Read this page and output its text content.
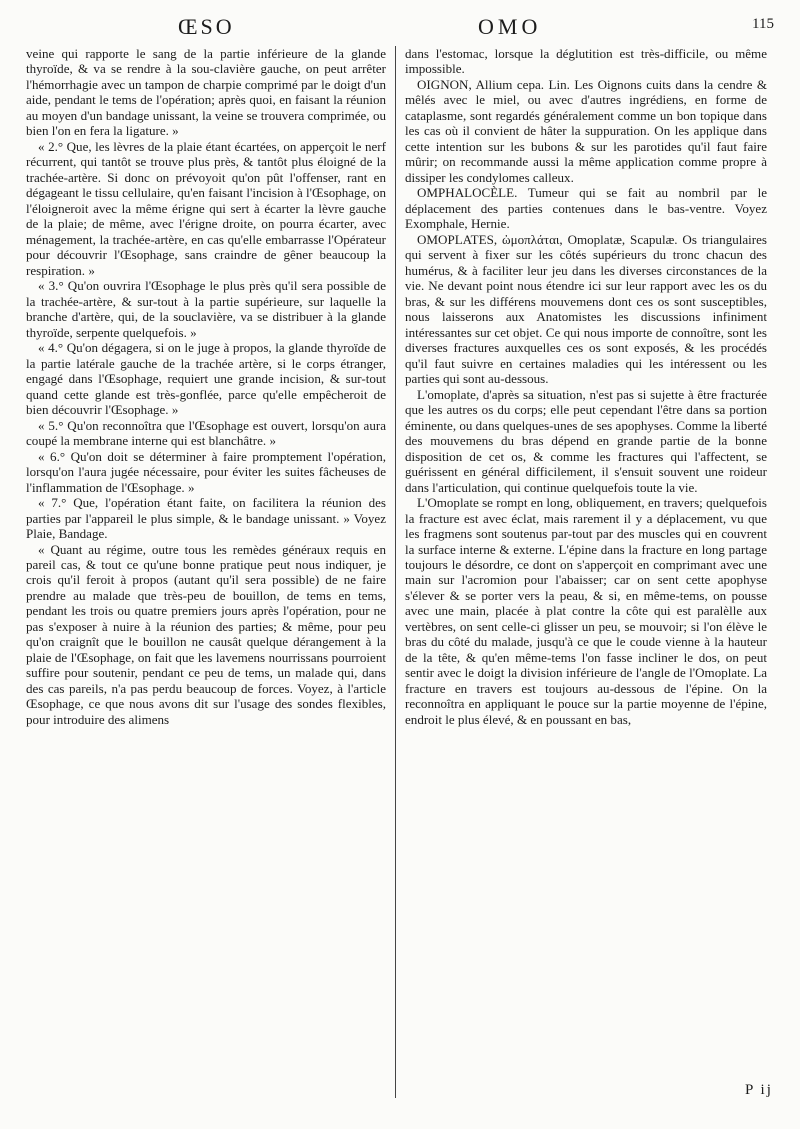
ŒSO	OMO	115

veine qui rapporte le sang de la partie inférieure de la glande thyroïde, & va se rendre à la sou-clavière gauche, on peut arrêter l'hémorrhagie avec un tampon de charpie comprimé par le doigt d'un aide, pendant le tems de l'opération; après quoi, en faisant la réunion au moyen d'un bandage unissant, la veine se trouvera comprimée, ou bien l'on en fera la ligature. »

« 2.° Que, les lèvres de la plaie étant écartées, on apperçoit le nerf récurrent, qui tantôt se trouve plus près, & tantôt plus éloigné de la trachée-artère. Si donc on prévoyoit qu'on pût l'offenser, rant en dégageant le tissu cellulaire, qu'en faisant l'incision à l'Œsophage, on l'éloigneroit avec la même érigne qui sert à écarter la lèvre gauche de la plaie; de même, avec l'érigne droite, on pourra écarter, avec ménagement, la trachée-artère, en cas qu'elle embarrasse l'Opérateur pour découvrir l'Œsophage, sans craindre de gêner beaucoup la respiration. »

« 3.° Qu'on ouvrira l'Œsophage le plus près qu'il sera possible de la trachée-artère, & sur-tout à la partie supérieure, sur laquelle la branche d'artère, qui, de la souclavière, va se distribuer à la glande thyroïde, serpente quelquefois. »

« 4.° Qu'on dégagera, si on le juge à propos, la glande thyroïde de la partie latérale gauche de la trachée artère, si le corps étranger, engagé dans l'Œsophage, requiert une grande incision, & sur-tout quand cette glande est très-gonflée, parce qu'elle empêcheroit de bien découvrir l'Œsophage. »

« 5.° Qu'on reconnoîtra que l'Œsophage est ouvert, lorsqu'on aura coupé la membrane interne qui est blanchâtre. »

« 6.° Qu'on doit se déterminer à faire promptement l'opération, lorsqu'on l'aura jugée nécessaire, pour éviter les suites fâcheuses de l'inflammation de l'Œsophage. »

« 7.° Que, l'opération étant faite, on facilitera la réunion des parties par l'appareil le plus simple, & le bandage unissant. » Voyez Plaie, Bandage.

« Quant au régime, outre tous les remèdes généraux requis en pareil cas, & tout ce qu'une bonne pratique peut nous indiquer, je crois qu'il feroit à propos (autant qu'il sera possible) de ne faire prendre au malade que très-peu de bouillon, de tems en tems, pendant les trois ou quatre premiers jours après l'opération, pour ne pas s'exposer à nuire à la réunion des parties; & même, pour peu qu'on craignît que le bouillon ne causât quelque dérangement à la plaie de l'Œsophage, on fait que les lavemens nourrissans pourroient suffire pour soutenir, pendant ce peu de tems, un malade qui, dans des cas pareils, n'a pas perdu beaucoup de forces. Voyez, à l'article Œsophage, ce que nous avons dit sur l'usage des sondes flexibles, pour introduire des alimens

dans l'estomac, lorsque la déglutition est très-difficile, ou même impossible.

OIGNON, Allium cepa. Lin. Les Oignons cuits dans la cendre & mêlés avec le miel, ou avec d'autres ingrédiens, en forme de cataplasme, sont regardés généralement comme un bon topique dans les cas où il convient de hâter la suppuration. On les applique dans cette intention sur les bubons & sur les parotides qu'il faut faire mûrir; on recommande aussi la même application comme propre à dissiper les condylomes calleux.

OMPHALOCÈLE. Tumeur qui se fait au nombril par le déplacement des parties contenues dans le bas-ventre. Voyez Exomphale, Hernie.

OMOPLATES, ὠμοπλάται, Omoplatæ, Scapulæ. Os triangulaires qui servent à fixer sur les côtés supérieurs du tronc chacun des humérus, & à faciliter leur jeu dans les diverses circonstances de la vie. Ne devant point nous étendre ici sur leur rapport avec les os du bras, & sur les différens mouvemens dont ces os sont susceptibles, nous laisserons aux Anatomistes les discussions infiniment intéressantes sur cet objet. Ce qui nous importe de connoître, sont les diverses fractures auxquelles ces os sont exposés, & les procédés qu'il faut suivre en certaines maladies qui les intéressent ou les parties qui sont au-dessous.

L'omoplate, d'après sa situation, n'est pas si sujette à être fracturée que les autres os du corps; elle peut cependant l'être dans sa portion éminente, ou dans quelques-unes de ses apophyses. Comme la liberté des mouvemens du bras dépend en grande partie de la bonne disposition de cet os, & comme les fractures qui l'affectent, se guérissent en général difficilement, il s'ensuit souvent une roideur dans l'articulation, qui continue quelquefois toute la vie.

L'Omoplate se rompt en long, obliquement, en travers; quelquefois la fracture est avec éclat, mais rarement il y a déplacement, vu que les fragmens sont soutenus par-tout par des muscles qui en couvrent la surface interne & externe. L'épine dans la fracture en long partage toujours le désordre, ce dont on s'apperçoit en comprimant avec une main sur l'acromion pour l'abaisser; car on sent cette apophyse s'élever & se porter vers la peau, & si, en même-tems, on pousse avec une main, placée à plat contre la côte qui est paralèlle aux vertèbres, on sent celle-ci glisser un peu, se mouvoir; si l'on élève le bras du côté du malade, jusqu'à ce que le coude vienne à la hauteur de la tête, & qu'en même-tems l'on fasse incliner le dos, on peut sentir avec le doigt la division inférieure de l'angle de l'Omoplate. La fracture en travers est toujours au-dessous de l'épine. On la reconnoîtra en appliquant le pouce sur la partie moyenne de l'épine, endroit le plus élevé, & en poussant en bas,

P ij
